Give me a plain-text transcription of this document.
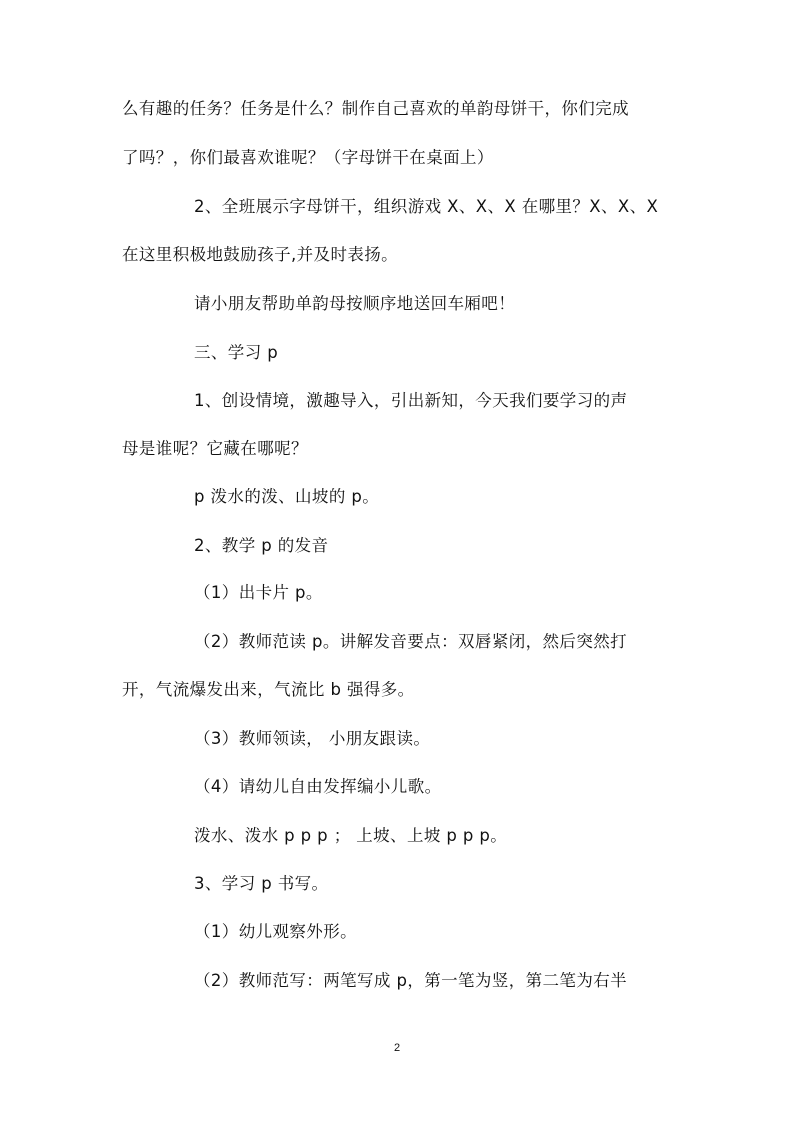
么有趣的任务？任务是什么？制作自己喜欢的单韵母饼干，你们完成
了吗？，你们最喜欢谁呢？（字母饼干在桌面上）
2、全班展示字母饼干，组织游戏 X、X、X 在哪里？X、X、X
在这里积极地鼓励孩子,并及时表扬。
请小朋友帮助单韵母按顺序地送回车厢吧！
三、学习 p
1、创设情境，激趣导入，引出新知，今天我们要学习的声
母是谁呢？它藏在哪呢？
p 泼水的泼、山坡的 p。
2、教学 p 的发音
（1）出卡片 p。
（2）教师范读 p。讲解发音要点：双唇紧闭，然后突然打
开，气流爆发出来，气流比 b 强得多。
（3）教师领读， 小朋友跟读。
（4）请幼儿自由发挥编小儿歌。
泼水、泼水 p p p ； 上坡、上坡 p p p。
3、学习 p 书写。
（1）幼儿观察外形。
（2）教师范写：两笔写成 p，第一笔为竖，第二笔为右半
2
